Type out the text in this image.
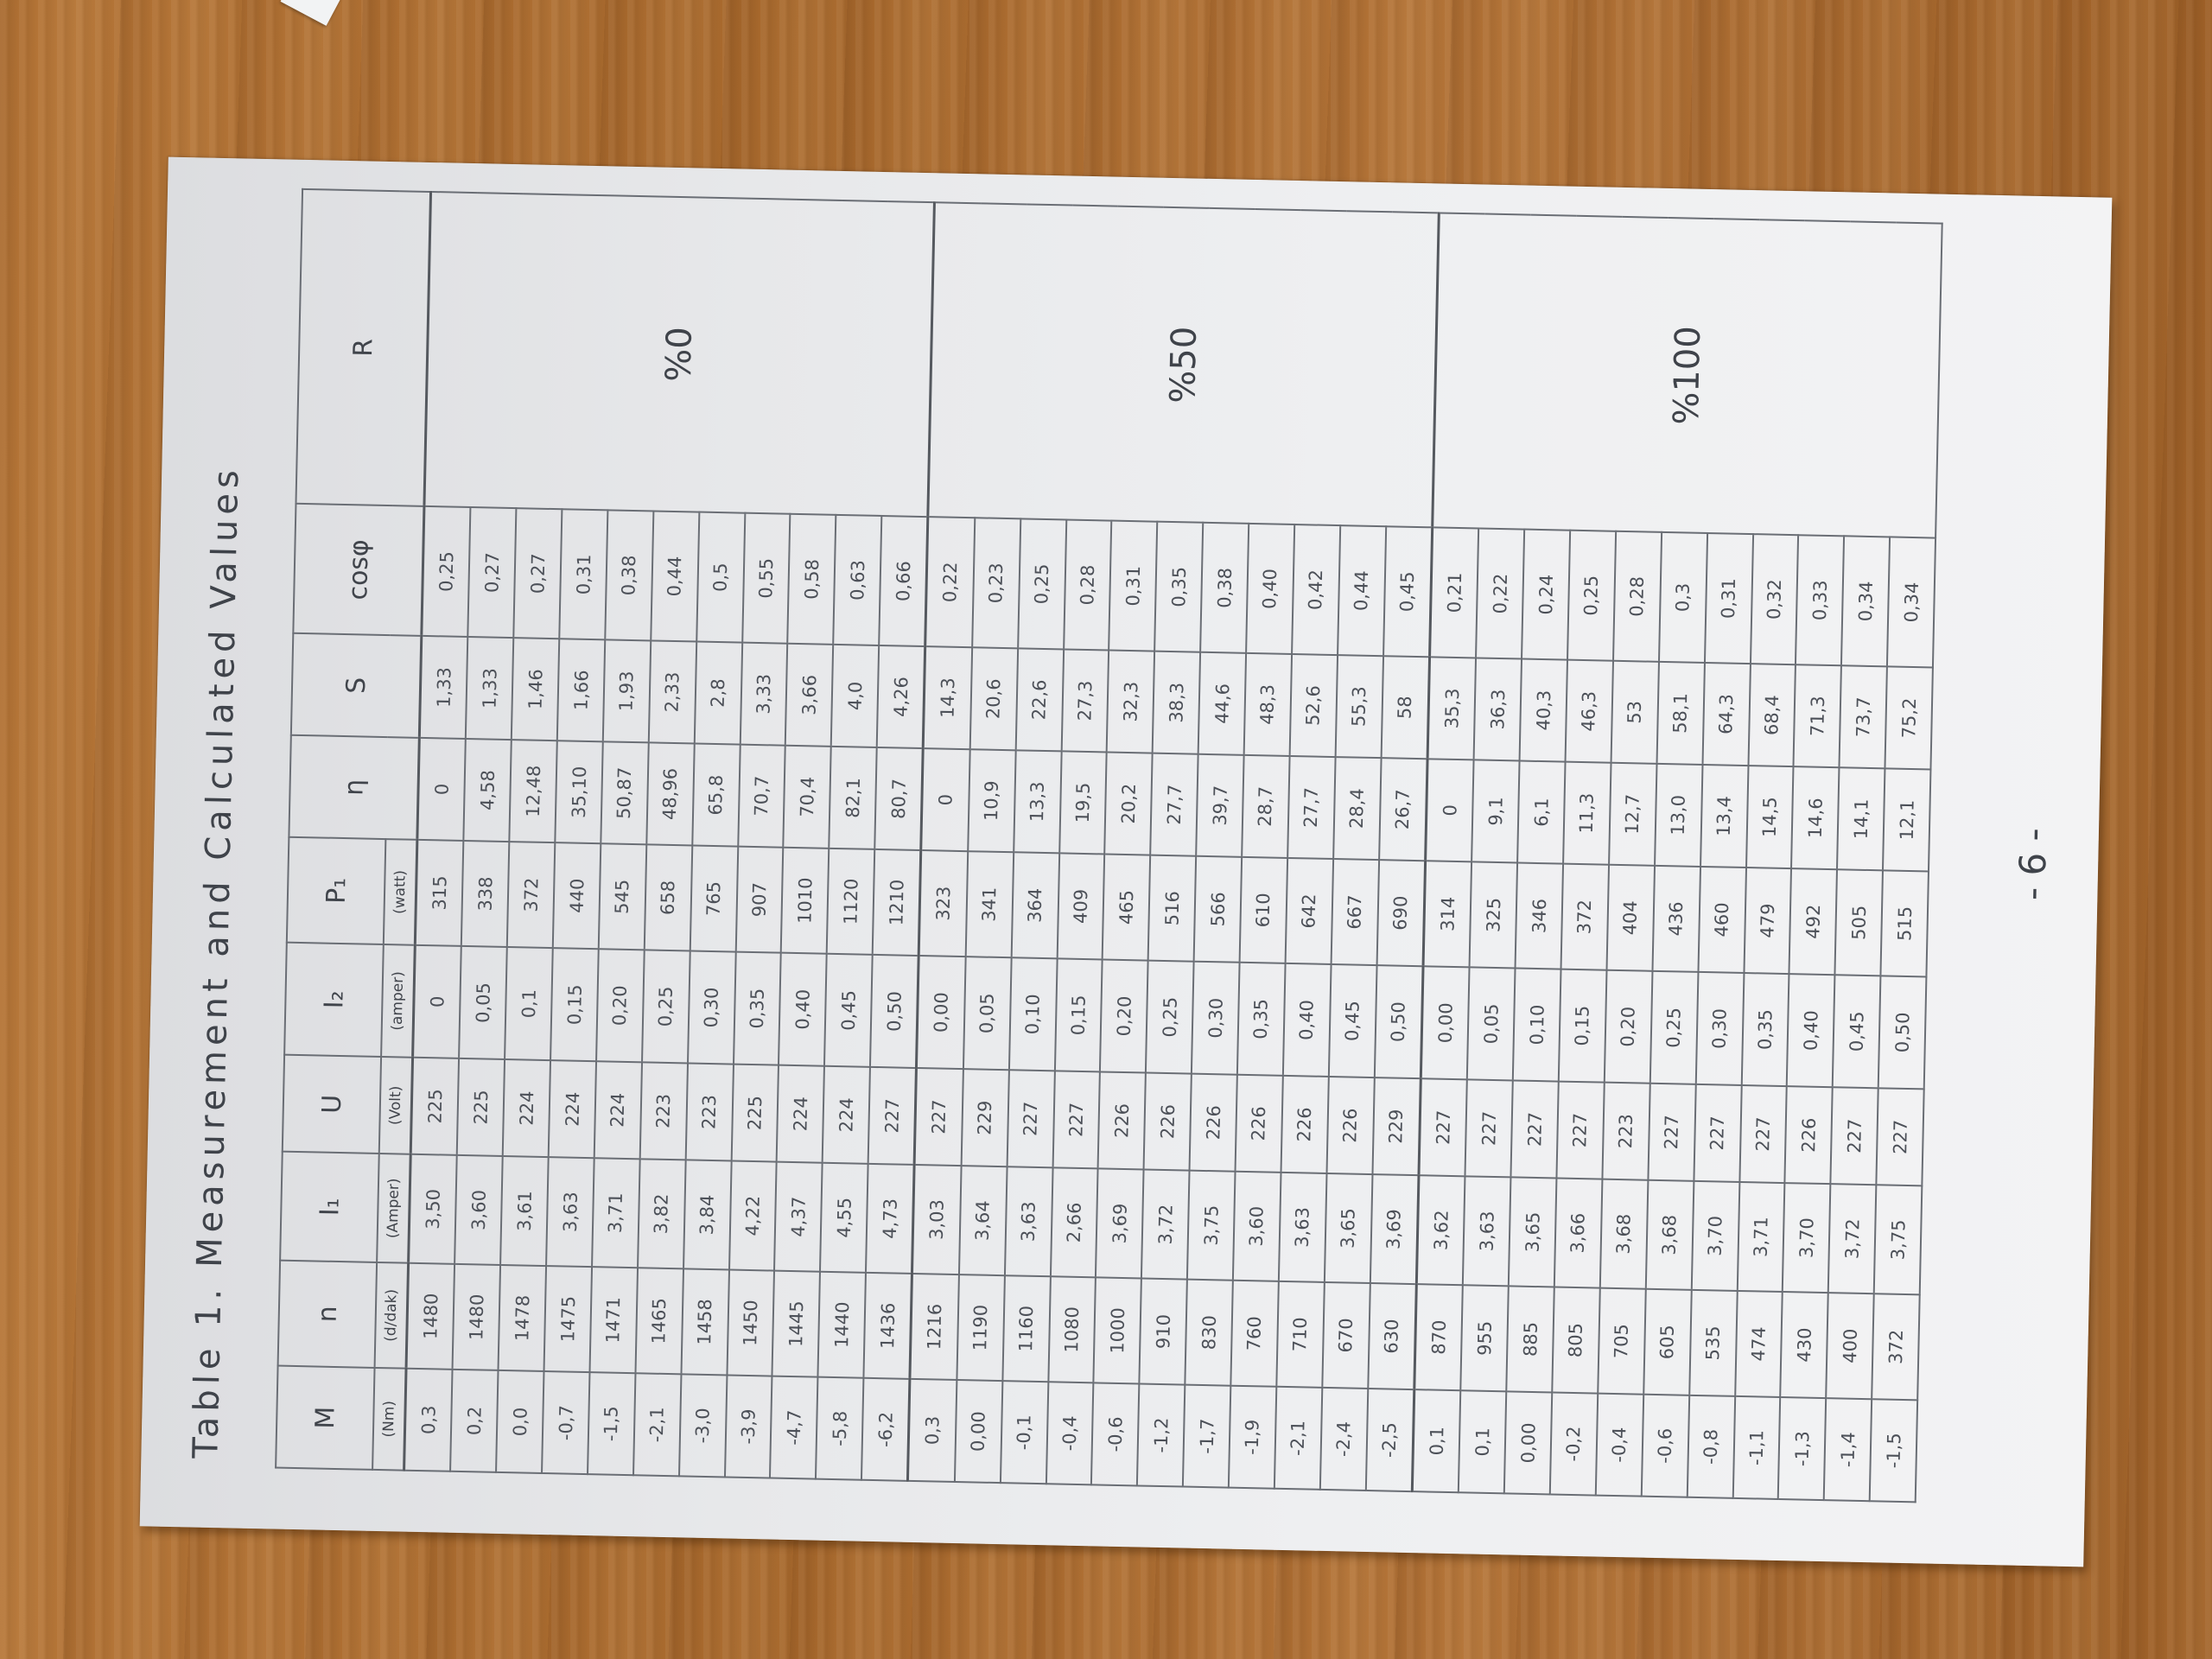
Table 1. Measurement and Calculated Values M	n	I₁	U	I₂	P₁	η	S	cosφ	R
(Nm)	(d/dak)	(Amper)	(Volt)	(amper)	(watt)				
0,3	1480	3,50	225	0	315	0	1,33	0,25	%0
0,2	1480	3,60	225	0,05	338	4,58	1,33	0,27	
0,0	1478	3,61	224	0,1	372	12,48	1,46	0,27	
-0,7	1475	3,63	224	0,15	440	35,10	1,66	0,31	
-1,5	1471	3,71	224	0,20	545	50,87	1,93	0,38	
-2,1	1465	3,82	223	0,25	658	48,96	2,33	0,44	
-3,0	1458	3,84	223	0,30	765	65,8	2,8	0,5	
-3,9	1450	4,22	225	0,35	907	70,7	3,33	0,55	
-4,7	1445	4,37	224	0,40	1010	70,4	3,66	0,58	
-5,8	1440	4,55	224	0,45	1120	82,1	4,0	0,63	
-6,2	1436	4,73	227	0,50	1210	80,7	4,26	0,66	
0,3	1216	3,03	227	0,00	323	0	14,3	0,22	%50
0,00	1190	3,64	229	0,05	341	10,9	20,6	0,23	
-0,1	1160	3,63	227	0,10	364	13,3	22,6	0,25	
-0,4	1080	2,66	227	0,15	409	19,5	27,3	0,28	
-0,6	1000	3,69	226	0,20	465	20,2	32,3	0,31	
-1,2	910	3,72	226	0,25	516	27,7	38,3	0,35	
-1,7	830	3,75	226	0,30	566	39,7	44,6	0,38	
-1,9	760	3,60	226	0,35	610	28,7	48,3	0,40	
-2,1	710	3,63	226	0,40	642	27,7	52,6	0,42	
-2,4	670	3,65	226	0,45	667	28,4	55,3	0,44	
-2,5	630	3,69	229	0,50	690	26,7	58	0,45	
0,1	870	3,62	227	0,00	314	0	35,3	0,21	%100
0,1	955	3,63	227	0,05	325	9,1	36,3	0,22	
0,00	885	3,65	227	0,10	346	6,1	40,3	0,24	
-0,2	805	3,66	227	0,15	372	11,3	46,3	0,25	
-0,4	705	3,68	223	0,20	404	12,7	53	0,28	
-0,6	605	3,68	227	0,25	436	13,0	58,1	0,3	
-0,8	535	3,70	227	0,30	460	13,4	64,3	0,31	
-1,1	474	3,71	227	0,35	479	14,5	68,4	0,32	
-1,3	430	3,70	226	0,40	492	14,6	71,3	0,33	
-1,4	400	3,72	227	0,45	505	14,1	73,7	0,34	
-1,5	372	3,75	227	0,50	515	12,1	75,2	0,34	
- 6 -
